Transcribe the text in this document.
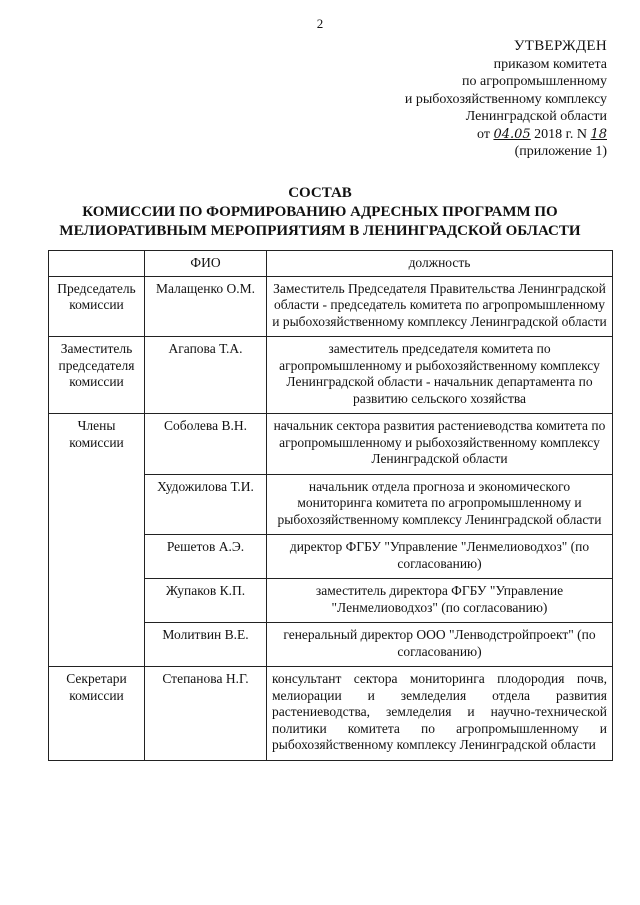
2
УТВЕРЖДЕН
приказом комитета
по агропромышленному
и рыбохозяйственному комплексу
Ленинградской области
от 04.05 2018 г. N 18
(приложение 1)
СОСТАВ
КОМИССИИ ПО ФОРМИРОВАНИЮ АДРЕСНЫХ ПРОГРАММ ПО
МЕЛИОРАТИВНЫМ МЕРОПРИЯТИЯМ В ЛЕНИНГРАДСКОЙ ОБЛАСТИ
	ФИО	должность
Председатель комиссии	Малащенко О.М.	Заместитель Председателя Правительства Ленинградской области - председатель комитета по агропромышленному и рыбохозяйственному комплексу Ленинградской области
Заместитель председателя комиссии	Агапова Т.А.	заместитель председателя комитета по агропромышленному и рыбохозяйственному комплексу Ленинградской области - начальник департамента по развитию сельского хозяйства
Члены комиссии	Соболева В.Н.	начальник сектора развития растениеводства комитета по агропромышленному и рыбохозяйственному комплексу Ленинградской области
	Художилова Т.И.	начальник отдела прогноза и экономического мониторинга комитета по агропромышленному и рыбохозяйственному комплексу Ленинградской области
	Решетов А.Э.	директор ФГБУ "Управление "Ленмелиоводхоз" (по согласованию)
	Жупаков К.П.	заместитель директора ФГБУ "Управление "Ленмелиоводхоз" (по согласованию)
	Молитвин В.Е.	генеральный директор ООО "Ленводстройпроект" (по согласованию)
Секретари комиссии	Степанова Н.Г.	консультант сектора мониторинга плодородия почв, мелиорации и земледелия отдела развития растениеводства, земледелия и научно-технической политики комитета по агропромышленному и рыбохозяйственному комплексу Ленинградской области
